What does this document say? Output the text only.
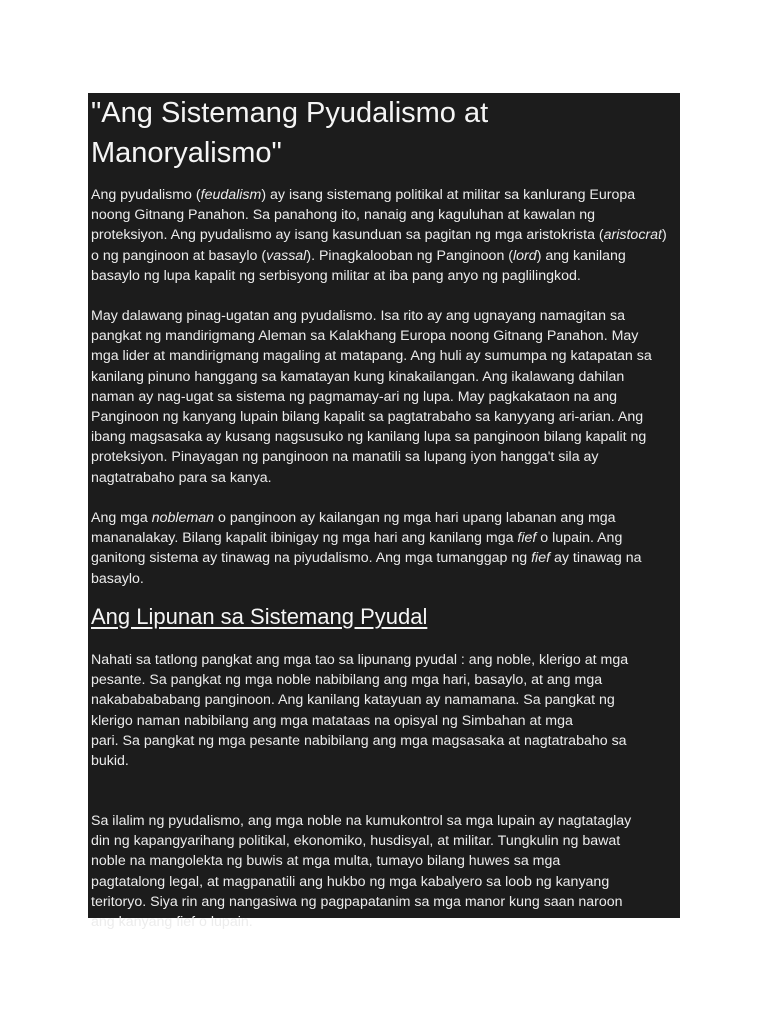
"Ang Sistemang Pyudalismo at
Manoryalismo"

Ang pyudalismo (feudalism) ay isang sistemang politikal at militar sa kanlurang Europa
noong Gitnang Panahon. Sa panahong ito, nanaig ang kaguluhan at kawalan ng
proteksiyon. Ang pyudalismo ay isang kasunduan sa pagitan ng mga aristokrista (aristocrat)
o ng panginoon at basaylo (vassal). Pinagkalooban ng Panginoon (lord) ang kanilang
basaylo ng lupa kapalit ng serbisyong militar at iba pang anyo ng paglilingkod.

May dalawang pinag-ugatan ang pyudalismo. Isa rito ay ang ugnayang namagitan sa
pangkat ng mandirigmang Aleman sa Kalakhang Europa noong Gitnang Panahon. May
mga lider at mandirigmang magaling at matapang. Ang huli ay sumumpa ng katapatan sa
kanilang pinuno hanggang sa kamatayan kung kinakailangan. Ang ikalawang dahilan
naman ay nag-ugat sa sistema ng pagmamay-ari ng lupa. May pagkakataon na ang
Panginoon ng kanyang lupain bilang kapalit sa pagtatrabaho sa kanyyang ari-arian. Ang
ibang magsasaka ay kusang nagsusuko ng kanilang lupa sa panginoon bilang kapalit ng
proteksiyon. Pinayagan ng panginoon na manatili sa lupang iyon hangga't sila ay
nagtatrabaho para sa kanya.

Ang mga nobleman o panginoon ay kailangan ng mga hari upang labanan ang mga
mananalakay. Bilang kapalit ibinigay ng mga hari ang kanilang mga fief o lupain. Ang
ganitong sistema ay tinawag na piyudalismo. Ang mga tumanggap ng fief ay tinawag na
basaylo.

Ang Lipunan sa Sistemang Pyudal

Nahati sa tatlong pangkat ang mga tao sa lipunang pyudal : ang noble, klerigo at mga
pesante. Sa pangkat ng mga noble nabibilang ang mga hari, basaylo, at ang mga
nakababababang panginoon. Ang kanilang katayuan ay namamana. Sa pangkat ng
klerigo naman nabibilang ang mga matataas na opisyal ng Simbahan at mga
pari. Sa pangkat ng mga pesante nabibilang ang mga magsasaka at nagtatrabaho sa
bukid.

Sa ilalim ng pyudalismo, ang mga noble na kumukontrol sa mga lupain ay nagtataglay
din ng kapangyarihang politikal, ekonomiko, husdisyal, at militar. Tungkulin ng bawat
noble na mangolekta ng buwis at mga multa, tumayo bilang huwes sa mga
pagtatalong legal, at magpanatili ang hukbo ng mga kabalyero sa loob ng kanyang
teritoryo. Siya rin ang nangasiwa ng pagpapatanim sa mga manor kung saan naroon
ang kanyang fief o lupain.
